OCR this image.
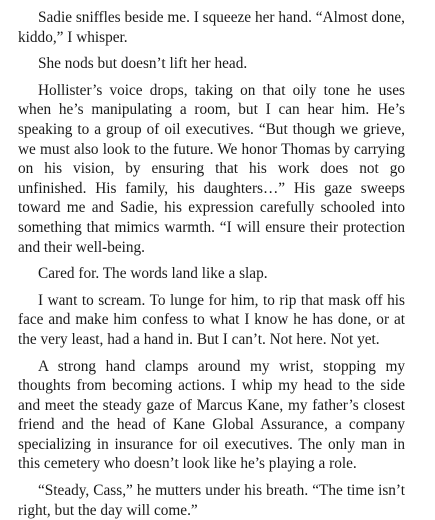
Sadie sniffles beside me. I squeeze her hand. “Almost done, kiddo,” I whisper.

She nods but doesn’t lift her head.

Hollister’s voice drops, taking on that oily tone he uses when he’s manipulating a room, but I can hear him. He’s speaking to a group of oil executives. “But though we grieve, we must also look to the future. We honor Thomas by carrying on his vision, by ensuring that his work does not go unfinished. His family, his daughters…” His gaze sweeps toward me and Sadie, his expression carefully schooled into something that mimics warmth. “I will ensure their protection and their well-being.

Cared for. The words land like a slap.

I want to scream. To lunge for him, to rip that mask off his face and make him confess to what I know he has done, or at the very least, had a hand in. But I can’t. Not here. Not yet.

A strong hand clamps around my wrist, stopping my thoughts from becoming actions. I whip my head to the side and meet the steady gaze of Marcus Kane, my father’s closest friend and the head of Kane Global Assurance, a company specializing in insurance for oil executives. The only man in this cemetery who doesn’t look like he’s playing a role.

“Steady, Cass,” he mutters under his breath. “The time isn’t right, but the day will come.”
